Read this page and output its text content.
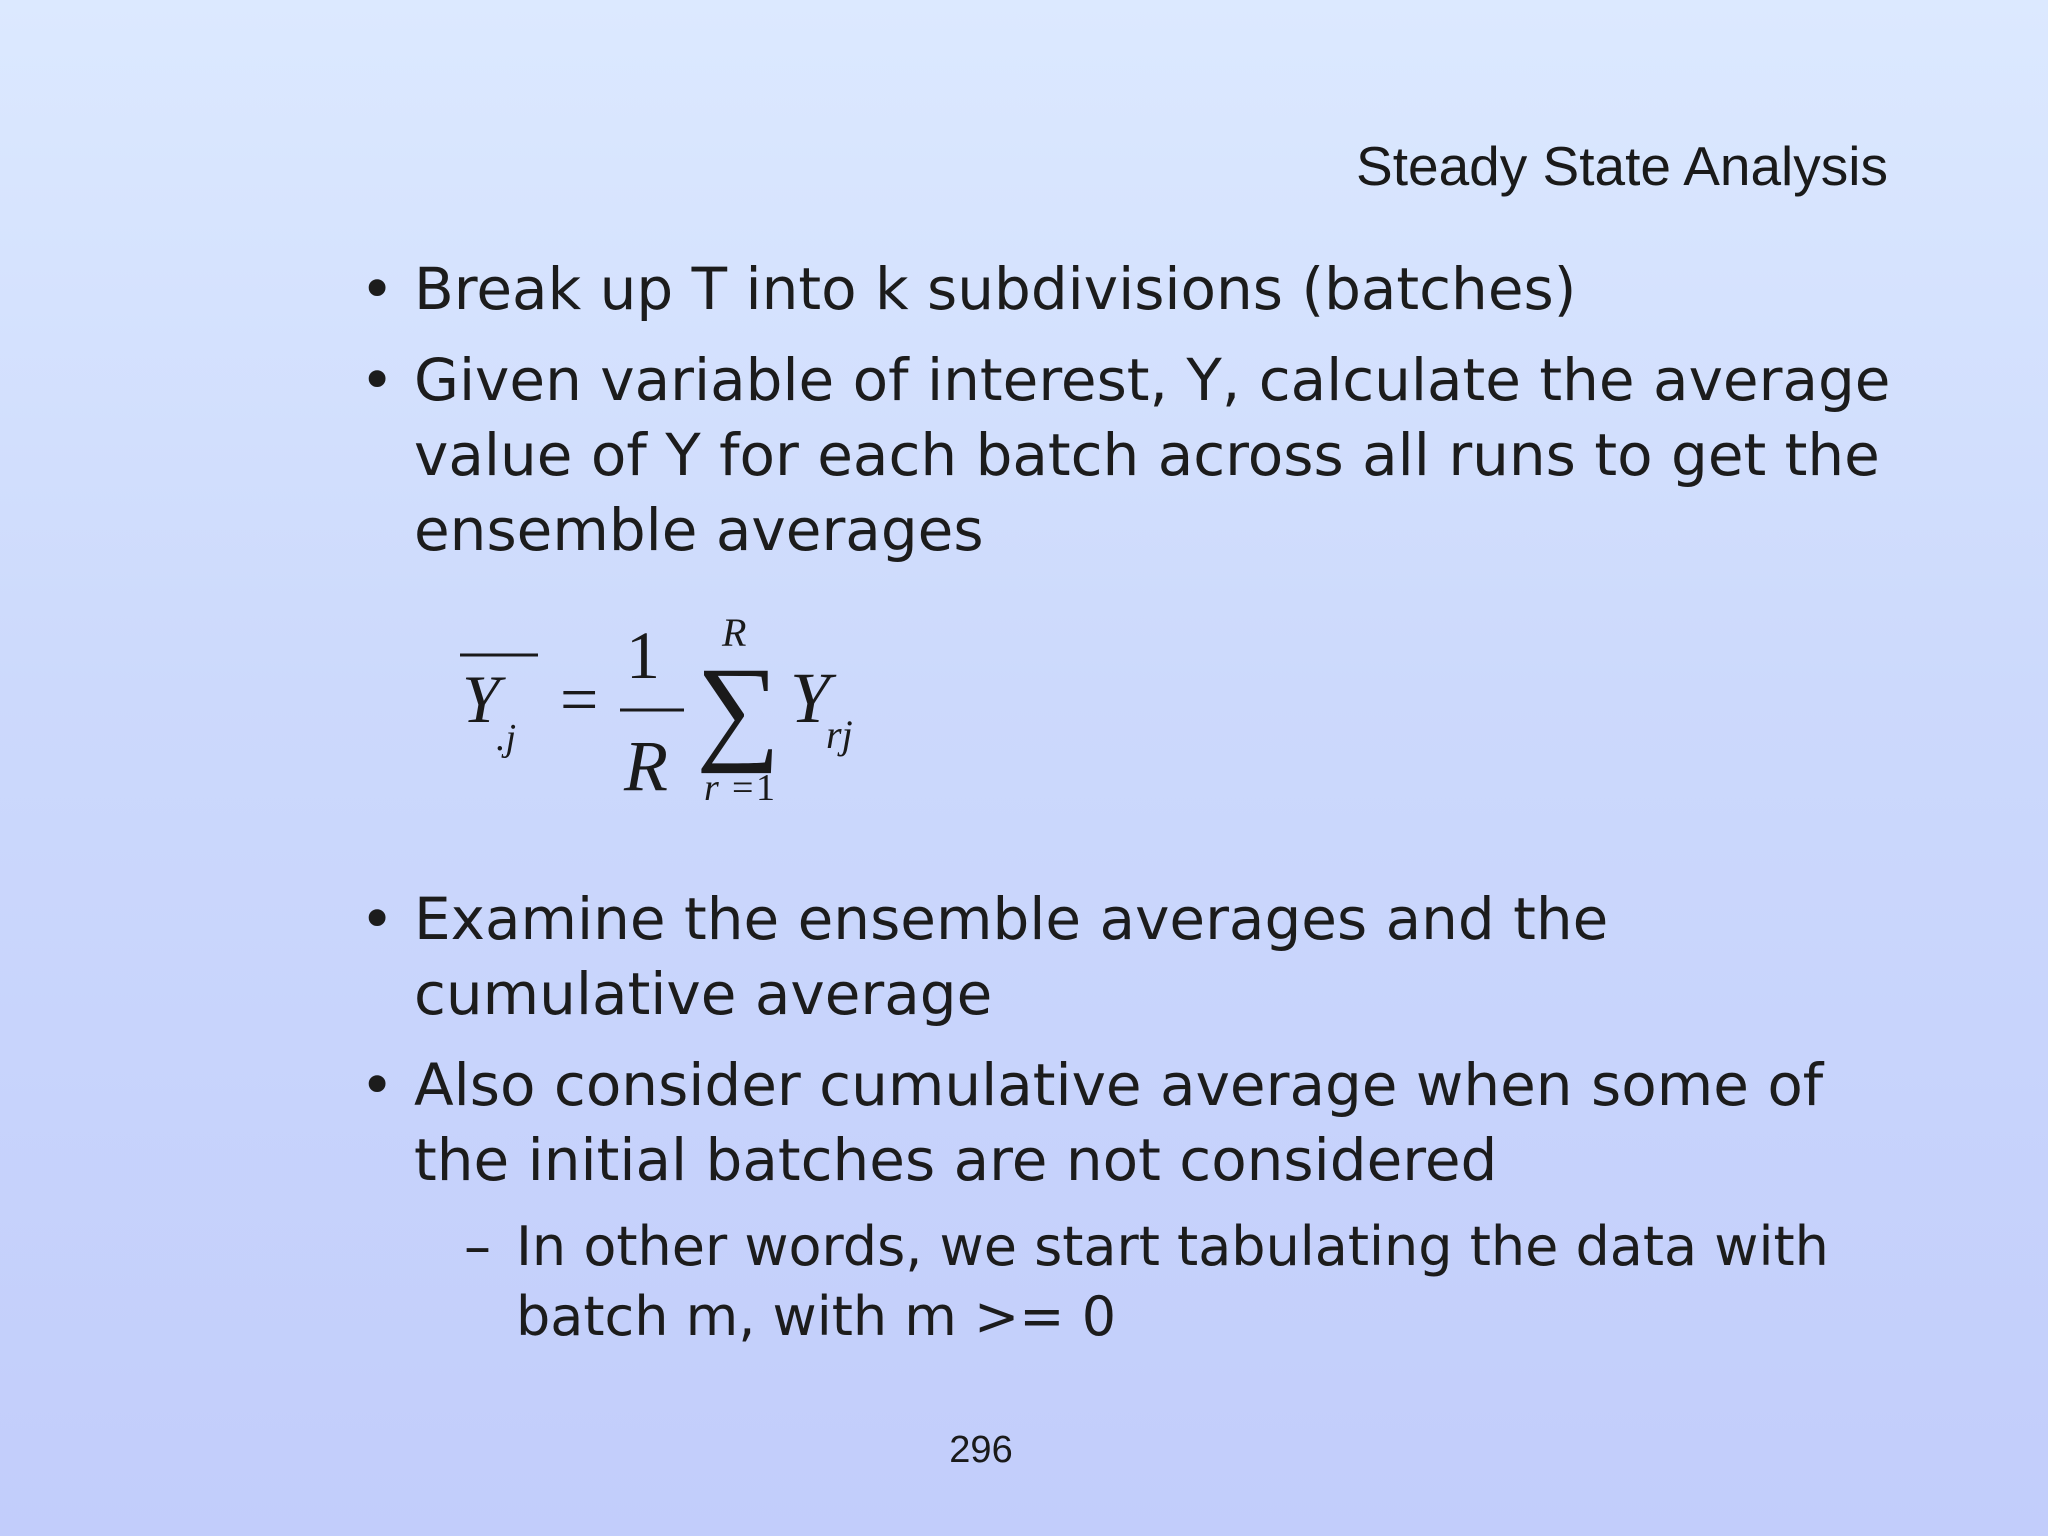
Steady State Analysis
• Break up T into k subdivisions (batches)
• Given variable of interest, Y, calculate the average value of Y for each batch across all runs to get the ensemble averages
• Examine the ensemble averages and the cumulative average
• Also consider cumulative average when some of the initial batches are not considered
– In other words, we start tabulating the data with batch m, with m >= 0
Y
.j
=
1
R
R
∑
r = 1
Y
rj
296
